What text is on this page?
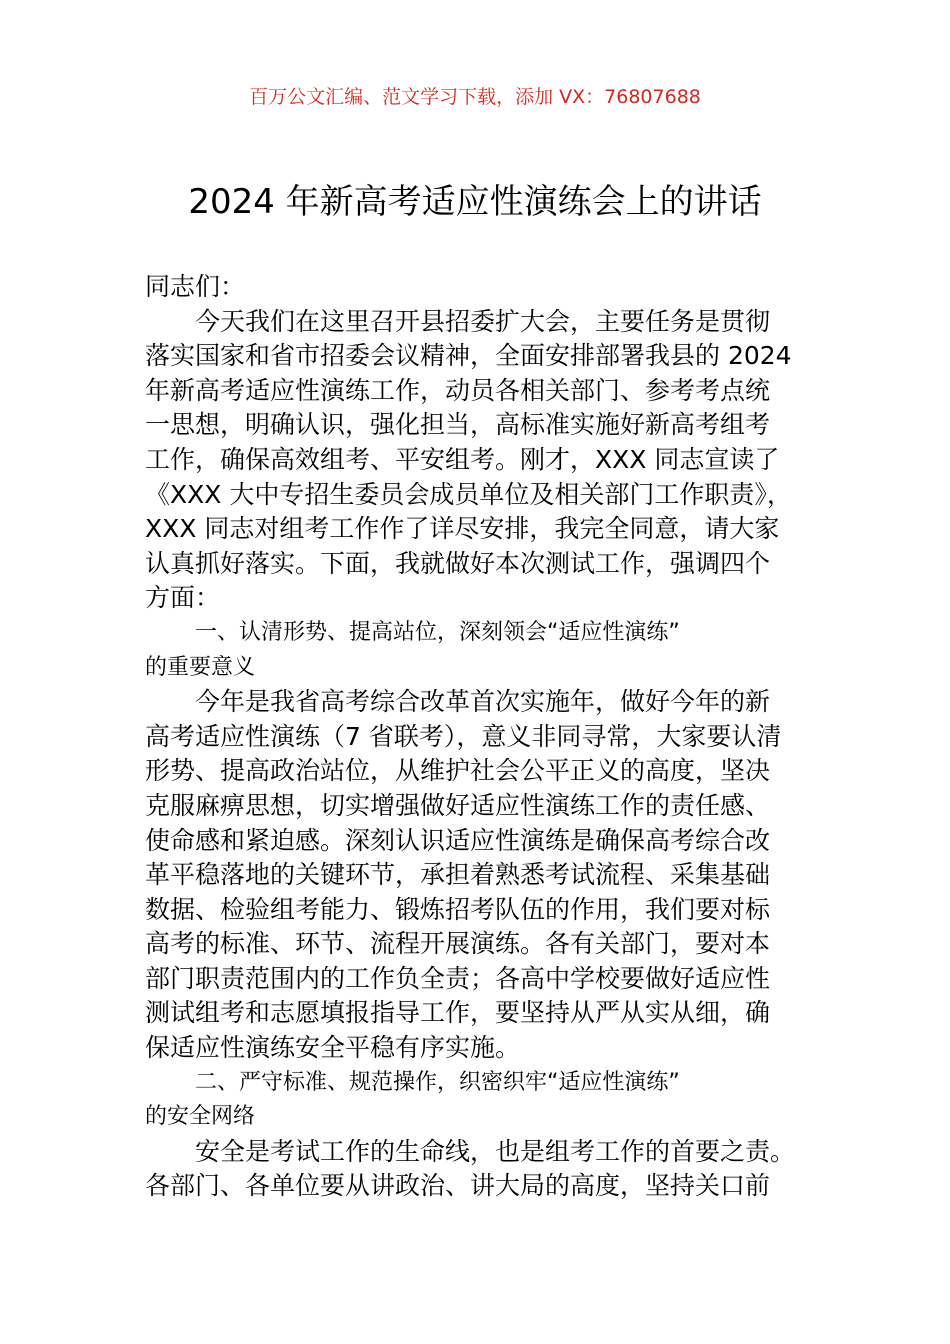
百万公文汇编、范文学习下载，添加 VX：76807688
2024 年新高考适应性演练会上的讲话
同志们：
今天我们在这里召开县招委扩大会，主要任务是贯彻
落实国家和省市招委会议精神，全面安排部署我县的 2024
年新高考适应性演练工作，动员各相关部门、参考考点统
一思想，明确认识，强化担当，高标准实施好新高考组考
工作，确保高效组考、平安组考。刚才，XXX 同志宣读了
《XXX 大中专招生委员会成员单位及相关部门工作职责》，
XXX 同志对组考工作作了详尽安排，我完全同意，请大家
认真抓好落实。下面，我就做好本次测试工作，强调四个
方面：
一、认清形势、提高站位，深刻领会“适应性演练”
的重要意义
今年是我省高考综合改革首次实施年，做好今年的新
高考适应性演练（7 省联考），意义非同寻常，大家要认清
形势、提高政治站位，从维护社会公平正义的高度，坚决
克服麻痹思想，切实增强做好适应性演练工作的责任感、
使命感和紧迫感。深刻认识适应性演练是确保高考综合改
革平稳落地的关键环节，承担着熟悉考试流程、采集基础
数据、检验组考能力、锻炼招考队伍的作用，我们要对标
高考的标准、环节、流程开展演练。各有关部门，要对本
部门职责范围内的工作负全责；各高中学校要做好适应性
测试组考和志愿填报指导工作，要坚持从严从实从细，确
保适应性演练安全平稳有序实施。
二、严守标准、规范操作，织密织牢“适应性演练”
的安全网络
安全是考试工作的生命线，也是组考工作的首要之责。
各部门、各单位要从讲政治、讲大局的高度，坚持关口前
